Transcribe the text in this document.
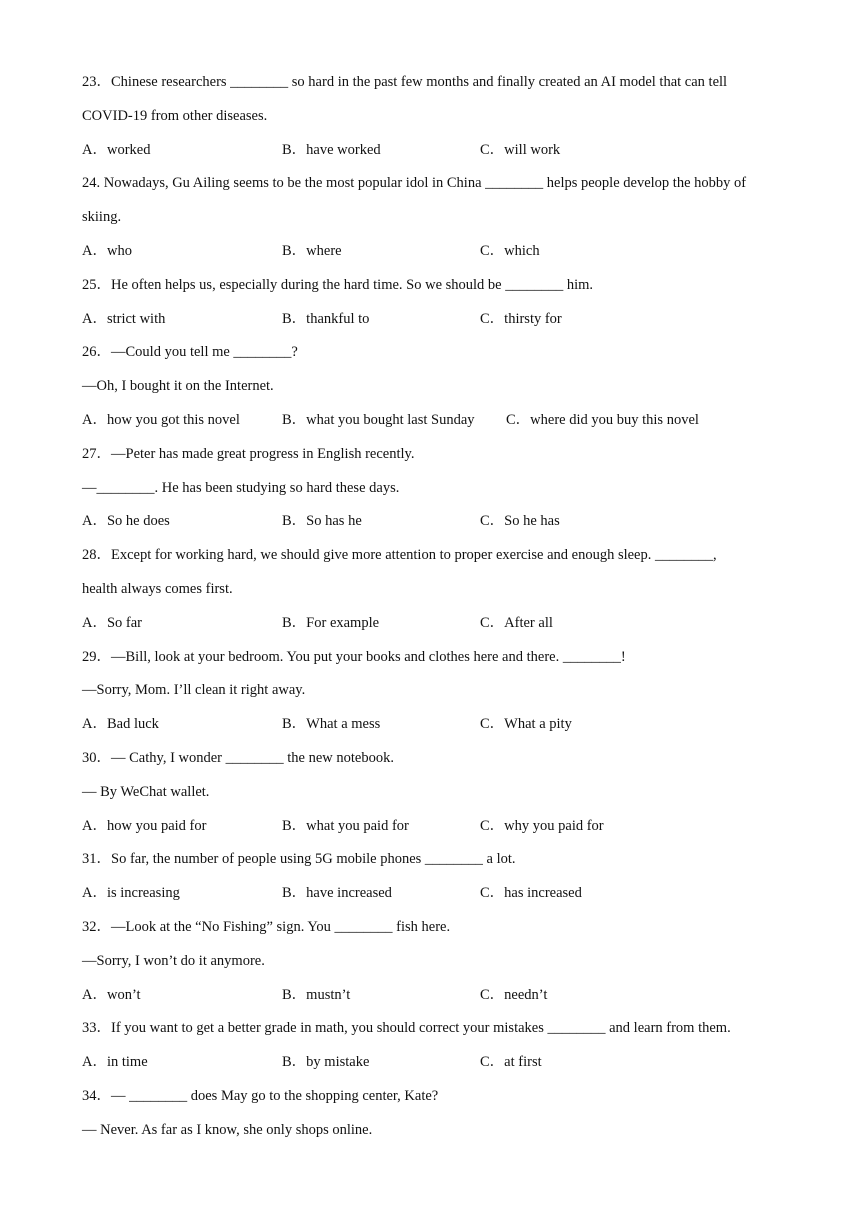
23．Chinese researchers ________ so hard in the past few months and finally created an AI model that can tell
COVID-19 from other diseases.
A．worked	B．have worked	C．will work
24. Nowadays, Gu Ailing seems to be the most popular idol in China ________ helps people develop the hobby of
skiing.
A．who	B．where	C．which
25．He often helps us, especially during the hard time. So we should be ________ him.
A．strict with	B．thankful to	C．thirsty for
26．—Could you tell me ________?
—Oh, I bought it on the Internet.
A．how you got this novel	B．what you bought last Sunday C．where did you buy this novel
27．—Peter has made great progress in English recently.
—________. He has been studying so hard these days.
A．So he does	B．So has he	C．So he has
28．Except for working hard, we should give more attention to proper exercise and enough sleep. ________,
health always comes first.
A．So far	B．For example	C．After all
29．—Bill, look at your bedroom. You put your books and clothes here and there. ________!
—Sorry, Mom. I’ll clean it right away.
A．Bad luck	B．What a mess	C．What a pity
30．— Cathy, I wonder ________ the new notebook.
— By WeChat wallet.
A．how you paid for	B．what you paid for	C．why you paid for
31．So far, the number of people using 5G mobile phones ________ a lot.
A．is increasing	B．have increased	C．has increased
32．—Look at the “No Fishing” sign. You ________ fish here.
—Sorry, I won’t do it anymore.
A．won’t	B．mustn’t	C．needn’t
33．If you want to get a better grade in math, you should correct your mistakes ________ and learn from them.
A．in time	B．by mistake	C．at first
34．— ________ does May go to the shopping center, Kate?
— Never. As far as I know, she only shops online.
